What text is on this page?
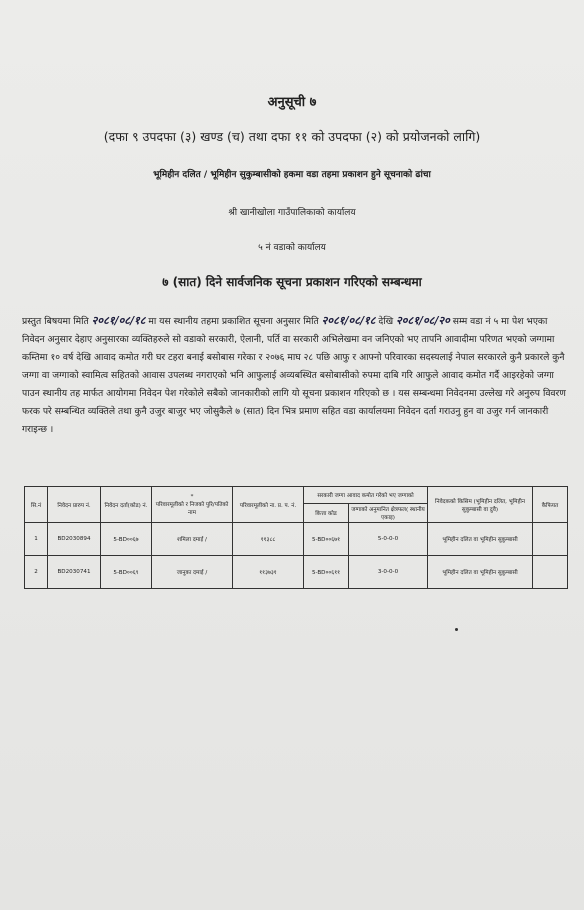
अनुसूची ७
(दफा ९ उपदफा (३) खण्ड (च) तथा दफा ११ को उपदफा (२) को प्रयोजनको लागि)
भूमिहीन दलित / भूमिहीन सुकुम्बासीको हकमा वडा तहमा प्रकाशन हुने सूचनाको ढांचा
श्री खानीखोला गाउँपालिकाको कार्यालय
५ नं वडाको कार्यालय
७ (सात) दिने सार्वजनिक सूचना प्रकाशन गरिएको सम्बन्धमा
प्रस्तुत बिषयमा मिति २०८१/०८/१८ मा यस स्थानीय तहमा प्रकाशित सूचना अनुसार मिति २०८१/०८/१८ देखि २०८१/०८/२० सम्म वडा नं ५ मा पेश भएका निवेदन अनुसार देहाए अनुसारका व्यक्तिहरुले सो वडाको सरकारी, ऐलानी, पर्ति वा सरकारी अभिलेखमा वन जनिएको भए तापनि आवादीमा परिणत भएको जग्गामा कम्तिमा १० वर्ष देखि आवाद कमोत गरी घर टहरा बनाई बसोबास गरेका र २०७६ माघ २८ पछि आफु र आफ्नो परिवारका सदस्यलाई नेपाल सरकारले कुनै प्रकारले कुनै जग्गा वा जग्गाको स्वामित्व सहितको आवास उपलब्ध नगराएको भनि आफुलाई अव्यबस्थित बसोबासीको रुपमा दाबि गरि आफुले आवाद कमोत गर्दै आइरहेको जग्गा पाउन स्थानीय तह मार्फत आयोगमा निवेदन पेश गरेकोले सबैको जानकारीको लागि यो सूचना प्रकाशन गरिएको छ । यस सम्बन्धमा निवेदनमा उल्लेख गरे अनुरुप विवरण फरक परे सम्बन्धित व्यक्तिले तथा कुनै उजुर बाजुर भए जोसुकैले ७ (सात) दिन भित्र प्रमाण सहित वडा कार्यालयमा निवेदन दर्ता गराउनु हुन वा उजुर गर्न जानकारी गराइन्छ ।
सि.नं	निवेदन प्रारुप नं.	निवेदन दर्ता(कोड) नं.	*
परिवारमूलीको र निजको पुरि/पतिको नाम	परिवारमूलीको ना. प्र. प. नं.	सरकारी जग्गा आवाद कमोत गरेको भए जग्गाको		निवेदकको किसिम (भूमिहीन दलित, भूमिहीन सुकुम्बासी वा दुवै)	कैफियत
					कित्ता कोड	जग्गाको अनुमानित क्षेत्रफल( स्थानीय एकाइ)		
1	BD2030894	5-BD००६७	शमिला दमाई /	११३८८	5-BD००६७१	5-0-0-0	भूमिहीन दलित वा भूमिहीन सुकुम्बासी	
2	BD2030741	5-BD००६९	जानुका दमाई /	११३७३१	5-BD००६११	3-0-0-0	भूमिहीन दलित वा भूमिहीन सुकुम्बासी	
